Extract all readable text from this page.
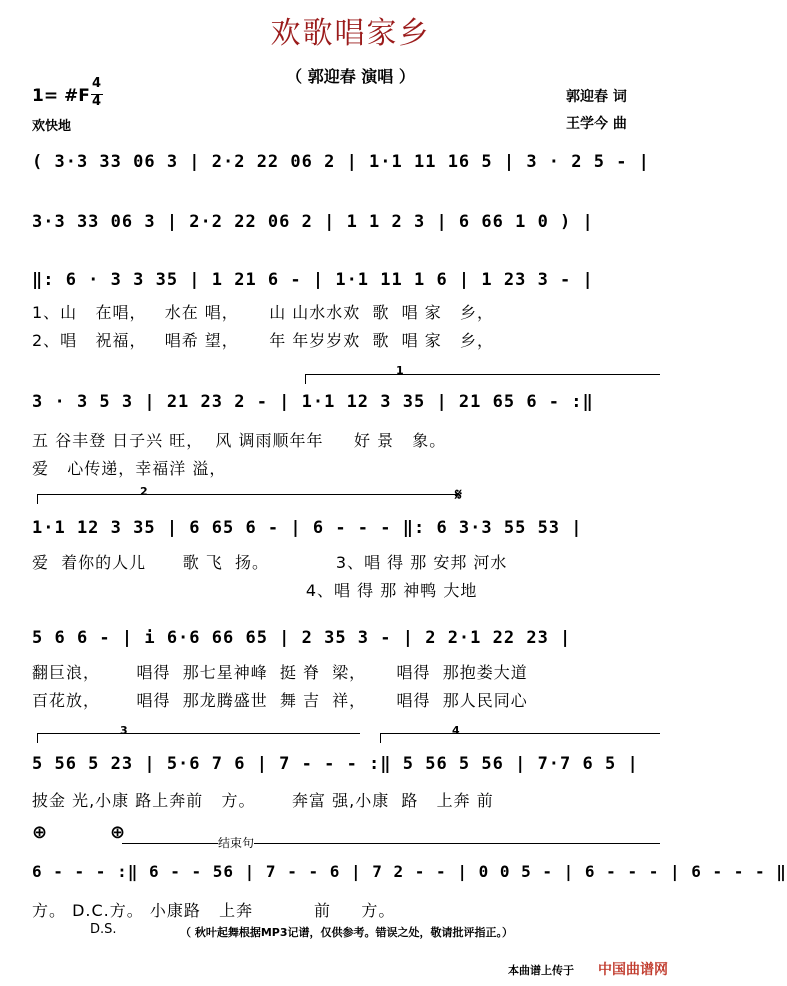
欢歌唱家乡
（ 郭迎春 演唱 ）
1= #F
4
4
欢快地
郭迎春 词
王学今 曲
( 3·3 33 06 3 | 2·2 22 06 2 | 1·1 11 16 5 | 3 · 2 5 - |
3·3 33 06 3 | 2·2 22 06 2 | 1 1 2 3 | 6 66 1 0 ) |
‖: 6 · 3 3 35 | 1 21 6 - | 1·1 11 1 6 | 1 23 3 - |
1、山   在唱，   水在 唱，     山 山水水欢  歌  唱 家   乡，
2、唱   祝福，   唱希 望，     年 年岁岁欢  歌  唱 家   乡，
1
3 · 3 5 3 | 21 23 2 - | 1·1 12 3 35 | 21 65 6 - :‖
五 谷丰登 日子兴 旺，  风 调雨顺年年     好 景   象。
爱   心传递，幸福洋 溢，
2	𝄋
1·1 12 3 35 | 6 65 6 - | 6 - - - ‖: 6 3·3 55 53 |
爱  着你的人儿      歌 飞  扬。           3、唱 得 那 安邦 河水
4、唱 得 那 神鸭 大地
5 6 6 - | i 6·6 66 65 | 2 35 3 - | 2 2·1 22 23 |
翻巨浪，      唱得  那七星神峰  挺 脊  梁，     唱得  那抱娄大道
百花放，      唱得  那龙腾盛世  舞 吉  祥，     唱得  那人民同心
3	4
5 56 5 23 | 5·6 7 6 | 7 - - - :‖ 5 56 5 56 | 7·7 6 5 |
披金 光,小康 路上奔前   方。      奔富 强,小康  路   上奔 前
⊕	⊕	结束句
6 - - - :‖ 6 - - 56 | 7 - - 6 | 7 2 - - | 0 0 5 - | 6 - - - | 6 - - - ‖
方。 D.C.方。 小康路   上奔          前     方。
D.S.	（ 秋叶起舞根据MP3记谱，仅供参考。错误之处，敬请批评指正。）
本曲谱上传于 中国曲谱网
